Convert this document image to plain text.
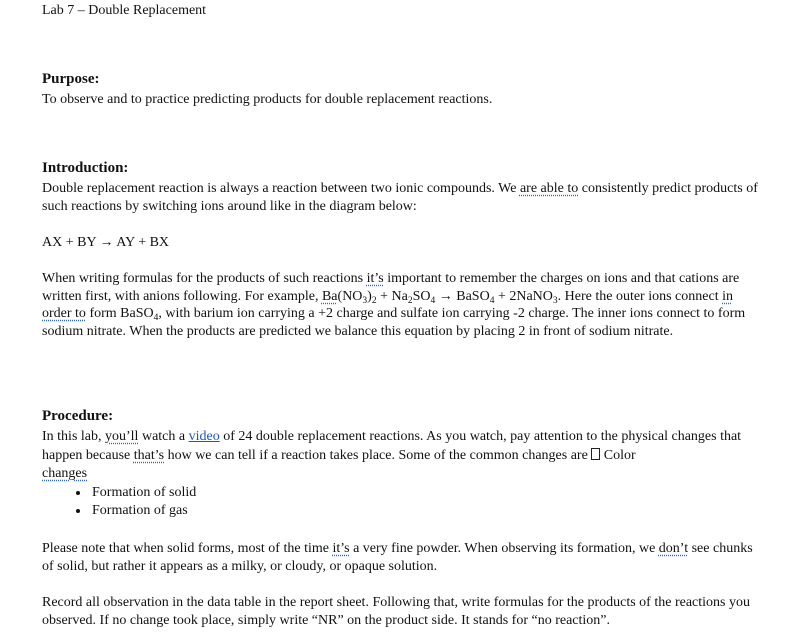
Lab 7 – Double Replacement

Purpose:

To observe and to practice predicting products for double replacement reactions.

Introduction:

Double replacement reaction is always a reaction between two ionic compounds. We are able to consistently predict products of such reactions by switching ions around like in the diagram below:

AX + BY → AY + BX

When writing formulas for the products of such reactions it’s important to remember the charges on ions and that cations are written first, with anions following. For example, $Ba(NO_3)_2 + Na_2SO_4$ → BaSO$_4$ + 2NaNO$_3$. Here the outer ions connect in order to form BaSO$_4$, with barium ion carrying a +2 charge and sulfate ion carrying -2 charge. The inner ions connect to form sodium nitrate. When the products are predicted we balance this equation by placing 2 in front of sodium nitrate.

Procedure:

In this lab, you’ll watch a video of 24 double replacement reactions. As you watch, pay attention to the physical changes that happen because that’s how we can tell if a reaction takes place. Some of the common changes are  Color
changes

• Formation of solid
• Formation of gas

Please note that when solid forms, most of the time it’s a very fine powder. When observing its formation, we don’t see chunks of solid, but rather it appears as a milky, or cloudy, or opaque solution.

Record all observation in the data table in the report sheet. Following that, write formulas for the products of the reactions you observed. If no change took place, simply write “NR” on the product side. It stands for “no reaction”.
